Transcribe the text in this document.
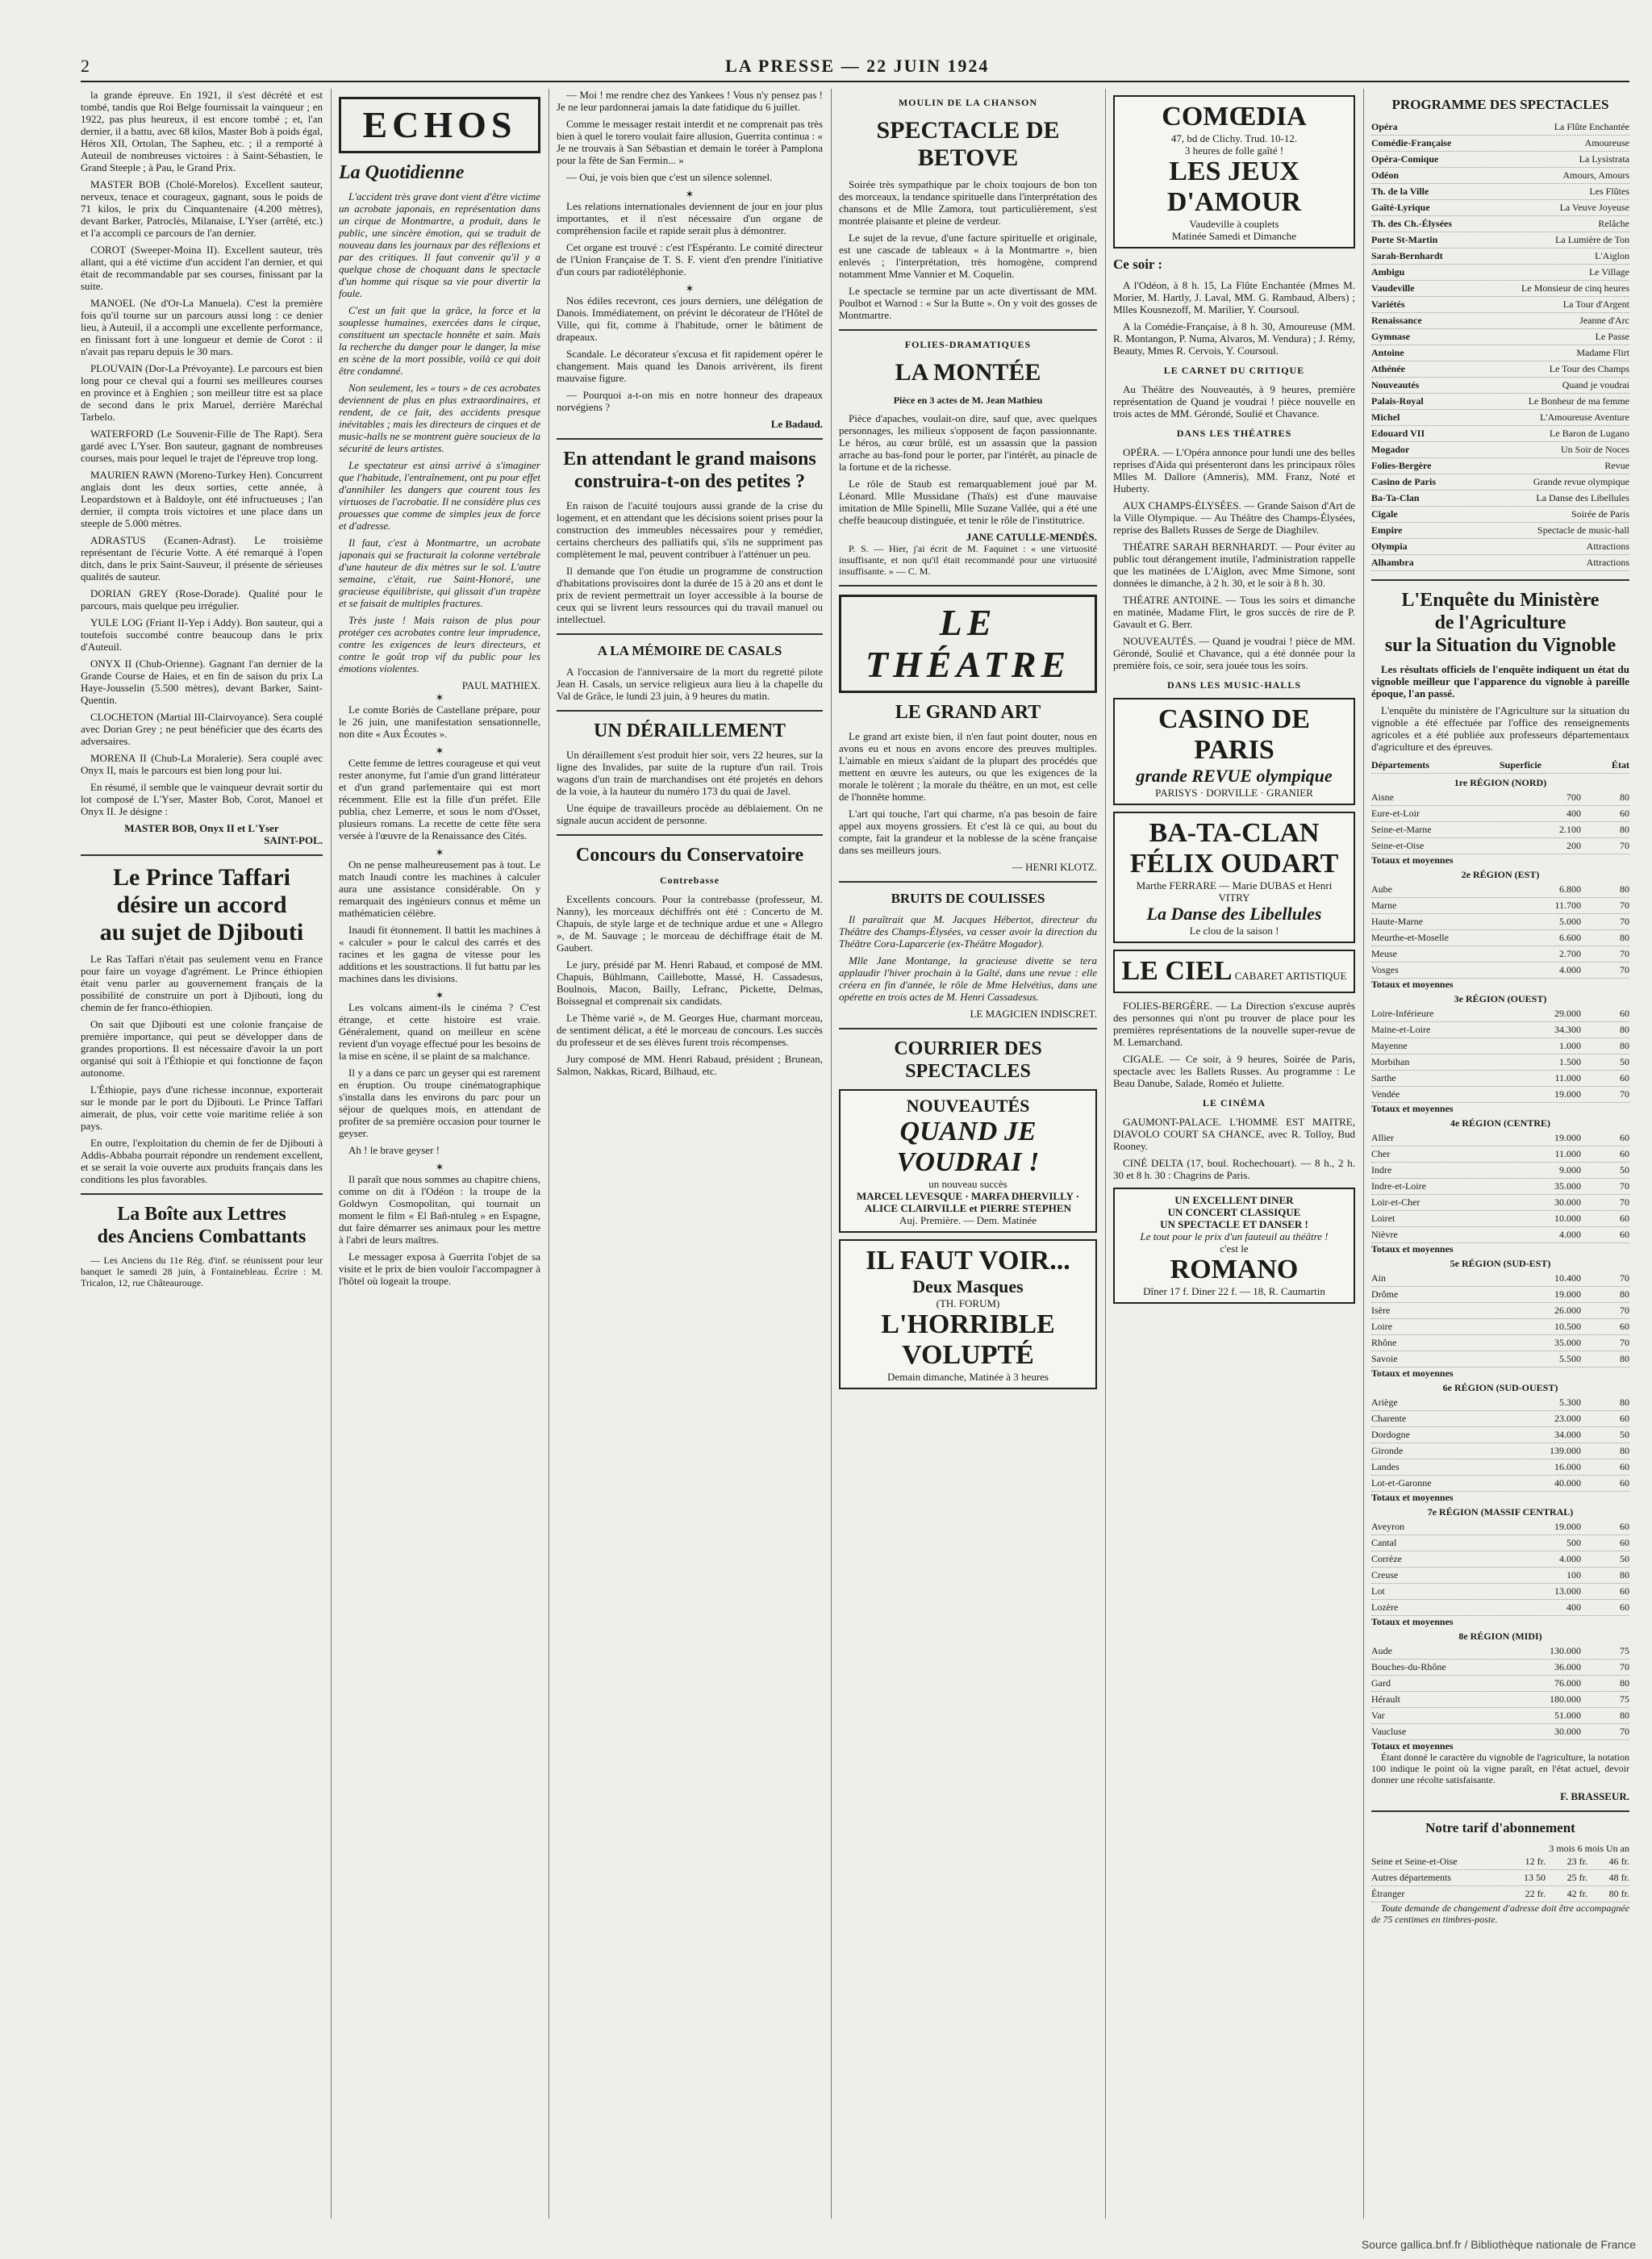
2	LA PRESSE — 22 JUIN 1924

la grande épreuve. En 1921, il s'est décrété et est tombé, tandis que Roi Belge fournissait la vainqueur ; en 1922, pas plus heureux, il est encore tombé ; et, l'an dernier, il a battu, avec 68 kilos, Master Bob à poids égal, Héros XII, Ortolan, The Sapheu, etc. ; il a remporté à Auteuil de nombreuses victoires : à Saint-Sébastien, le Grand Steeple ; à Pau, le Grand Prix.

MASTER BOB (Cholé-Morelos). Excellent sauteur, nerveux, tenace et courageux, gagnant, sous le poids de 71 kilos, le prix du Cinquantenaire (4.200 mètres), devant Barker, Patroclès, Milanaise, L'Yser (arrêté, etc.) et l'a accompli ce parcours de l'an dernier.

COROT (Sweeper-Moina II). Excellent sauteur, très allant, qui a été victime d'un accident l'an dernier, et qui était de recommandable par ses courses, finissant par la suite.

MANOEL (Ne d'Or-La Manuela). C'est la première fois qu'il tourne sur un parcours aussi long : ce denier lieu, à Auteuil, il a accompli une excellente performance, en finissant fort à une longueur et demie de Corot : il n'avait pas reparu depuis le 30 mars.

PLOUVAIN (Dor-La Prévoyante). Le parcours est bien long pour ce cheval qui a fourni ses meilleures courses en province et à Enghien ; son meilleur titre est sa place de second dans le prix Maruel, derrière Maréchal Tarbelo.

WATERFORD (Le Souvenir-Fille de The Rapt). Sera gardé avec L'Yser. Bon sauteur, gagnant de nombreuses courses, mais pour lequel le trajet de l'épreuve trop long.

MAURIEN RAWN (Moreno-Turkey Hen). Concurrent anglais dont les deux sorties, cette année, à Leopardstown et à Baldoyle, ont été infructueuses ; l'an dernier, il compta trois victoires et une place dans un steeple de 5.000 mètres.

ADRASTUS (Ecanen-Adrast). Le troisième représentant de l'écurie Votte. A été remarqué à l'open ditch, dans le prix Saint-Sauveur, il présente de sérieuses qualités de sauteur.

DORIAN GREY (Rose-Dorade). Qualité pour le parcours, mais quelque peu irrégulier.

YULE LOG (Friant II-Yep i Addy). Bon sauteur, qui a toutefois succombé contre beaucoup dans le prix d'Auteuil.

ONYX II (Chub-Orienne). Gagnant l'an dernier de la Grande Course de Haies, et en fin de saison du prix La Haye-Jousselin (5.500 mètres), devant Barker, Saint-Quentin.

CLOCHETON (Martial III-Clairvoyance). Sera couplé avec Dorian Grey ; ne peut bénéficier que des écarts des adversaires.

MORENA II (Chub-La Moralerie). Sera couplé avec Onyx II, mais le parcours est bien long pour lui.

En résumé, il semble que le vainqueur devrait sortir du lot composé de L'Yser, Master Bob, Corot, Manoel et Onyx II. Je désigne :

MASTER BOB, Onyx II et L'Yser
SAINT-POL.
Le Prince Taffari
désire un accord
au sujet de Djibouti

Le Ras Taffari n'était pas seulement venu en France pour faire un voyage d'agrément. Le Prince éthiopien était venu parler au gouvernement français de la possibilité de construire un port à Djibouti, long du chemin de fer franco-éthiopien.

On sait que Djibouti est une colonie française de première importance, qui peut se développer dans de grandes proportions. Il est nécessaire d'avoir la un port organisé qui soit à l'Éthiopie et qui fonctionne de façon autonome.

L'Éthiopie, pays d'une richesse inconnue, exporterait sur le monde par le port du Djibouti. Le Prince Taffari aimerait, de plus, voir cette voie maritime reliée à son pays.

En outre, l'exploitation du chemin de fer de Djibouti à Addis-Abbaba pourrait répondre un rendement excellent, et se serait la voie ouverte aux produits français dans les conditions les plus favorables.

La Boîte aux Lettres
des Anciens Combattants

— Les Anciens du 11e Rég. d'inf. se réunissent pour leur banquet le samedi 28 juin, à Fontainebleau. Écrire : M. Tricalon, 12, rue Châteaurouge.

ECHOS
La Quotidienne

L'accident très grave dont vient d'être victime un acrobate japonais, en représentation dans un cirque de Montmartre, a produit, dans le public, une sincère émotion, qui se traduit de nouveau dans les journaux par des réflexions et par des critiques. Il faut convenir qu'il y a quelque chose de choquant dans le spectacle d'un homme qui risque sa vie pour divertir la foule.

C'est un fait que la grâce, la force et la souplesse humaines, exercées dans le cirque, constituent un spectacle honnête et sain. Mais la recherche du danger pour le danger, la mise en scène de la mort possible, voilà ce qui doit être condamné.

Non seulement, les « tours » de ces acrobates deviennent de plus en plus extraordinaires, et rendent, de ce fait, des accidents presque inévitables ; mais les directeurs de cirques et de music-halls ne se montrent guère soucieux de la sécurité de leurs artistes.

Le spectateur est ainsi arrivé à s'imaginer que l'habitude, l'entraînement, ont pu pour effet d'annihiler les dangers que courent tous les virtuoses de l'acrobatie. Il ne considère plus ces prouesses que comme de simples jeux de force et d'adresse.

Il faut, c'est à Montmartre, un acrobate japonais qui se fracturait la colonne vertébrale d'une hauteur de dix mètres sur le sol. L'autre semaine, c'était, rue Saint-Honoré, une gracieuse équilibriste, qui glissait d'un trapèze et se faisait de multiples fractures.

Très juste ! Mais raison de plus pour protéger ces acrobates contre leur imprudence, contre les exigences de leurs directeurs, et contre le goût trop vif du public pour les émotions violentes.

PAUL MATHIEX.
✶

Le comte Boriès de Castellane prépare, pour le 26 juin, une manifestation sensationnelle, non dite « Aux Écoutes ».

✶

Cette femme de lettres courageuse et qui veut rester anonyme, fut l'amie d'un grand littérateur et d'un grand parlementaire qui est mort récemment. Elle est la fille d'un préfet. Elle publia, chez Lemerre, et sous le nom d'Osset, plusieurs romans. La recette de cette fête sera versée à l'œuvre de la Renaissance des Cités.

✶

On ne pense malheureusement pas à tout. Le match Inaudi contre les machines à calculer aura une assistance considérable. On y remarquait des ingénieurs connus et même un mathématicien célèbre.

Inaudi fit étonnement. Il battit les machines à « calculer » pour le calcul des carrés et des racines et les gagna de vitesse pour les additions et les soustractions. Il fut battu par les machines dans les divisions.

✶

Les volcans aiment-ils le cinéma ? C'est étrange, et cette histoire est vraie. Généralement, quand on meilleur en scène revient d'un voyage effectué pour les besoins de la mise en scène, il se plaint de sa malchance.

Il y a dans ce parc un geyser qui est rarement en éruption. Ou troupe cinématographique s'installa dans les environs du parc pour un séjour de quelques mois, en attendant de profiter de sa première occasion pour tourner le geyser.

Ah ! le brave geyser !

✶

Il paraît que nous sommes au chapitre chiens, comme on dit à l'Odéon : la troupe de la Goldwyn Cosmopolitan, qui tournait un moment le film « El Bañ-ntuleg » en Espagne, dut faire démarrer ses animaux pour les mettre à l'abri de leurs maîtres.

Le messager exposa à Guerrita l'objet de sa visite et le prix de bien vouloir l'accompagner à l'hôtel où logeait la troupe.

— Moi ! me rendre chez des Yankees ! Vous n'y pensez pas ! Je ne leur pardonnerai jamais la date fatidique du 6 juillet.

Comme le messager restait interdit et ne comprenait pas très bien à quel le torero voulait faire allusion, Guerrita continua : « Je ne trouvais à San Sébastian et demain le toréer à Pamplona pour la fête de San Fermin... »

— Oui, je vois bien que c'est un silence solennel.

✶

Les relations internationales deviennent de jour en jour plus importantes, et il n'est nécessaire d'un organe de compréhension facile et rapide serait plus à démontrer.

Cet organe est trouvé : c'est l'Espéranto. Le comité directeur de l'Union Française de T. S. F. vient d'en prendre l'initiative d'un cours par radiotéléphonie.

✶

Nos édiles recevront, ces jours derniers, une délégation de Danois. Immédiatement, on prévint le décorateur de l'Hôtel de Ville, qui fit, comme à l'habitude, orner le bâtiment de drapeaux.

Scandale. Le décorateur s'excusa et fit rapidement opérer le changement. Mais quand les Danois arrivèrent, ils firent mauvaise figure.

— Pourquoi a-t-on mis en notre honneur des drapeaux norvégiens ?

Le Badaud.
En attendant le grand maisons
construira-t-on des petites ?

En raison de l'acuité toujours aussi grande de la crise du logement, et en attendant que les décisions soient prises pour la construction des immeubles nécessaires pour y remédier, certains chercheurs des palliatifs qui, s'ils ne suppriment pas complètement le mal, peuvent contribuer à l'atténuer un peu.

Il demande que l'on étudie un programme de construction d'habitations provisoires dont la durée de 15 à 20 ans et dont le prix de revient permettrait un loyer accessible à la bourse de ceux qui se livrent leurs ressources qui du travail manuel ou intellectuel.

A LA MÉMOIRE DE CASALS

A l'occasion de l'anniversaire de la mort du regretté pilote Jean H. Casals, un service religieux aura lieu à la chapelle du Val de Grâce, le lundi 23 juin, à 9 heures du matin.

UN DÉRAILLEMENT

Un déraillement s'est produit hier soir, vers 22 heures, sur la ligne des Invalides, par suite de la rupture d'un rail. Trois wagons d'un train de marchandises ont été projetés en dehors de la voie, à la hauteur du numéro 173 du quai de Javel.

Une équipe de travailleurs procède au déblaiement. On ne signale aucun accident de personne.

Concours du Conservatoire
Contrebasse

Excellents concours. Pour la contrebasse (professeur, M. Nanny), les morceaux déchiffrés ont été : Concerto de M. Chapuis, de style large et de technique ardue et une « Allegro », de M. Sauvage ; le morceau de déchiffrage était de M. Gaubert.

Le jury, présidé par M. Henri Rabaud, et composé de MM. Chapuis, Bühlmann, Caillebotte, Massé, H. Cassadesus, Boulnois, Macon, Bailly, Lefranc, Pickette, Delmas, Boissegnal et comprenait six candidats.

Le Thème varié », de M. Georges Hue, charmant morceau, de sentiment délicat, a été le morceau de concours. Les succès du professeur et de ses élèves furent trois récompenses.

Jury composé de MM. Henri Rabaud, président ; Brunean, Salmon, Nakkas, Ricard, Bilhaud, etc.

MOULIN DE LA CHANSON
SPECTACLE DE BETOVE

Soirée très sympathique par le choix toujours de bon ton des morceaux, la tendance spirituelle dans l'interprétation des chansons et de Mlle Zamora, tout particulièrement, s'est montrée plaisante et pleine de verdeur.

Le sujet de la revue, d'une facture spirituelle et originale, est une cascade de tableaux « à la Montmartre », bien enlevés ; l'interprétation, très homogène, comprend notamment Mme Vannier et M. Coquelin.

Le spectacle se termine par un acte divertissant de MM. Poulbot et Warnod : « Sur la Butte ». On y voit des gosses de Montmartre.

FOLIES-DRAMATIQUES
LA MONTÉE
Pièce en 3 actes de M. Jean Mathieu

Pièce d'apaches, voulait-on dire, sauf que, avec quelques personnages, les milieux s'opposent de façon passionnante. Le héros, au cœur brûlé, est un assassin que la passion arrache au bas-fond pour le porter, par l'intérêt, au pinacle de la fortune et de la richesse.

Le rôle de Staub est remarquablement joué par M. Léonard. Mlle Mussidane (Thaïs) est d'une mauvaise imitation de Mlle Spinelli, Mlle Suzane Vallée, qui a été une cheffe beaucoup distinguée, et tenir le rôle de l'institutrice.

JANE CATULLE-MENDÈS.

P. S. — Hier, j'ai écrit de M. Faquinet : « une virtuosité insuffisante, et non qu'il était recommandé pour une virtuosité insuffisante. » — C. M.

LE THÉATRE
LE GRAND ART

Le grand art existe bien, il n'en faut point douter, nous en avons eu et nous en avons encore des preuves multiples. L'aimable en mieux s'aidant de la plupart des procédés que mettent en œuvre les auteurs, ou que les exigences de la morale le tolèrent ; la morale du théâtre, en un mot, est celle de l'honnête homme.

L'art qui touche, l'art qui charme, n'a pas besoin de faire appel aux moyens grossiers. Et c'est là ce qui, au bout du compte, fait la grandeur et la noblesse de la scène française dans ses meilleurs jours.

— HENRI KLOTZ.
BRUITS DE COULISSES

Il paraîtrait que M. Jacques Hébertot, directeur du Théâtre des Champs-Élysées, va cesser avoir la direction du Théâtre Cora-Laparcerie (ex-Théâtre Mogador).

Mlle Jane Montange, la gracieuse divette se tera applaudir l'hiver prochain à la Gaîté, dans une revue : elle créera en fin d'année, le rôle de Mme Helvétius, dans une opérette en trois actes de M. Henri Cassadesus.

LE MAGICIEN INDISCRET.
COURRIER DES SPECTACLES
NOUVEAUTÉS
QUAND JE VOUDRAI !
un nouveau succès
MARCEL LEVESQUE · MARFA DHERVILLY · ALICE CLAIRVILLE et PIERRE STEPHEN
Auj. Première. — Dem. Matinée
IL FAUT VOIR...
Deux Masques
(TH. FORUM)
L'HORRIBLE VOLUPTÉ
Demain dimanche, Matinée à 3 heures
COMŒDIA
47, bd de Clichy. Trud. 10-12.
3 heures de folle gaîté !
LES JEUX D'AMOUR
Vaudeville à couplets
Matinée Samedi et Dimanche
Ce soir :

A l'Odéon, à 8 h. 15, La Flûte Enchantée (Mmes M. Morier, M. Hartly, J. Laval, MM. G. Rambaud, Albers) ; Mlles Kousnezoff, M. Marilier, Y. Coursoul.

A la Comédie-Française, à 8 h. 30, Amoureuse (MM. R. Montangon, P. Numa, Alvaros, M. Vendura) ; J. Rémy, Beauty, Mmes R. Cervois, Y. Coursoul.

LE CARNET DU CRITIQUE

Au Théâtre des Nouveautés, à 9 heures, première représentation de Quand je voudrai ! pièce nouvelle en trois actes de MM. Gérondé, Soulié et Chavance.

DANS LES THÉATRES

OPÉRA. — L'Opéra annonce pour lundi une des belles reprises d'Aida qui présenteront dans les principaux rôles Mlles M. Dallore (Amneris), MM. Franz, Noté et Huberty.

AUX CHAMPS-ÉLYSÉES. — Grande Saison d'Art de la Ville Olympique. — Au Théâtre des Champs-Élysées, reprise des Ballets Russes de Serge de Diaghilev.

THÉATRE SARAH BERNHARDT. — Pour éviter au public tout dérangement inutile, l'administration rappelle que les matinées de L'Aiglon, avec Mme Simone, sont données le dimanche, à 2 h. 30, et le soir à 8 h. 30.

THÉATRE ANTOINE. — Tous les soirs et dimanche en matinée, Madame Flirt, le gros succès de rire de P. Gavault et G. Berr.

NOUVEAUTÉS. — Quand je voudrai ! pièce de MM. Gérondé, Soulié et Chavance, qui a été donnée pour la première fois, ce soir, sera jouée tous les soirs.

DANS LES MUSIC-HALLS
CASINO DE PARIS
grande REVUE olympique
PARISYS · DORVILLE · GRANIER
BA-TA-CLAN
FÉLIX OUDART
Marthe FERRARE — Marie DUBAS et Henri VITRY
La Danse des Libellules
Le clou de la saison !
LE CIEL CABARET ARTISTIQUE

FOLIES-BERGÈRE. — La Direction s'excuse auprès des personnes qui n'ont pu trouver de place pour les premières représentations de la nouvelle super-revue de M. Lemarchand.

CIGALE. — Ce soir, à 9 heures, Soirée de Paris, spectacle avec les Ballets Russes. Au programme : Le Beau Danube, Salade, Roméo et Juliette.

LE CINÉMA

GAUMONT-PALACE. L'HOMME EST MAITRE, DIAVOLO COURT SA CHANCE, avec R. Tolloy, Bud Rooney.

CINÉ DELTA (17, boul. Rochechouart). — 8 h., 2 h. 30 et 8 h. 30 : Chagrins de Paris.

UN EXCELLENT DINER
UN CONCERT CLASSIQUE
UN SPECTACLE ET DANSER !
Le tout pour le prix d'un fauteuil au théâtre !
c'est le
ROMANO
Dîner 17 f. Diner 22 f. — 18, R. Caumartin
PROGRAMME DES SPECTACLES
Opéra	La Flûte Enchantée
Comédie-Française	Amoureuse
Opéra-Comique	La Lysistrata
Odéon	Amours, Amours
Th. de la Ville	Les Flûtes
Gaîté-Lyrique	La Veuve Joyeuse
Th. des Ch.-Élysées	Relâche
Porte St-Martin	La Lumière de Ton
Sarah-Bernhardt	L'Aiglon
Ambigu	Le Village
Vaudeville	Le Monsieur de cinq heures
Variétés	La Tour d'Argent
Renaissance	Jeanne d'Arc
Gymnase	Le Passe
Antoine	Madame Flirt
Athénée	Le Tour des Champs
Nouveautés	Quand je voudrai
Palais-Royal	Le Bonheur de ma femme
Michel	L'Amoureuse Aventure
Edouard VII	Le Baron de Lugano
Mogador	Un Soir de Noces
Folies-Bergère	Revue
Casino de Paris	Grande revue olympique
Ba-Ta-Clan	La Danse des Libellules
Cigale	Soirée de Paris
Empire	Spectacle de music-hall
Olympia	Attractions
Alhambra	Attractions
L'Enquête du Ministère
de l'Agriculture
sur la Situation du Vignoble

Les résultats officiels de l'enquête indiquent un état du vignoble meilleur que l'apparence du vignoble à pareille époque, l'an passé.

L'enquête du ministère de l'Agriculture sur la situation du vignoble a été effectuée par l'office des renseignements agricoles et a été publiée aux professeurs départementaux d'agriculture et des épreuves.

Départements	Superficie	État
1re RÉGION (NORD)
Aisne	700	80
Eure-et-Loir	400	60
Seine-et-Marne	2.100	80
Seine-et-Oise	200	70
Totaux et moyennes
2e RÉGION (EST)
Aube	6.800	80
Marne	11.700	70
Haute-Marne	5.000	70
Meurthe-et-Moselle	6.600	80
Meuse	2.700	70
Vosges	4.000	70
Totaux et moyennes
3e RÉGION (OUEST)
Loire-Inférieure	29.000	60
Maine-et-Loire	34.300	80
Mayenne	1.000	80
Morbihan	1.500	50
Sarthe	11.000	60
Vendée	19.000	70
Totaux et moyennes
4e RÉGION (CENTRE)
Allier	19.000	60
Cher	11.000	60
Indre	9.000	50
Indre-et-Loire	35.000	70
Loir-et-Cher	30.000	70
Loiret	10.000	60
Nièvre	4.000	60
Totaux et moyennes
5e RÉGION (SUD-EST)
Ain	10.400	70
Drôme	19.000	80
Isère	26.000	70
Loire	10.500	60
Rhône	35.000	70
Savoie	5.500	80
Totaux et moyennes
6e RÉGION (SUD-OUEST)
Ariège	5.300	80
Charente	23.000	60
Dordogne	34.000	50
Gironde	139.000	80
Landes	16.000	60
Lot-et-Garonne	40.000	60
Totaux et moyennes
7e RÉGION (MASSIF CENTRAL)
Aveyron	19.000	60
Cantal	500	60
Corrèze	4.000	50
Creuse	100	80
Lot	13.000	60
Lozère	400	60
Totaux et moyennes
8e RÉGION (MIDI)
Aude	130.000	75
Bouches-du-Rhône	36.000	70
Gard	76.000	80
Hérault	180.000	75
Var	51.000	80
Vaucluse	30.000	70
Totaux et moyennes

Étant donné le caractère du vignoble de l'agriculture, la notation 100 indique le point où la vigne paraît, en l'état actuel, devoir donner une récolte satisfaisante.

F. BRASSEUR.
Notre tarif d'abonnement
3 mois 6 mois Un an
Seine et Seine-et-Oise	12 fr.	23 fr.	46 fr.
Autres départements	13 50	25 fr.	48 fr.
Étranger	22 fr.	42 fr.	80 fr.

Toute demande de changement d'adresse doit être accompagnée de 75 centimes en timbres-poste.

Source gallica.bnf.fr / Bibliothèque nationale de France
